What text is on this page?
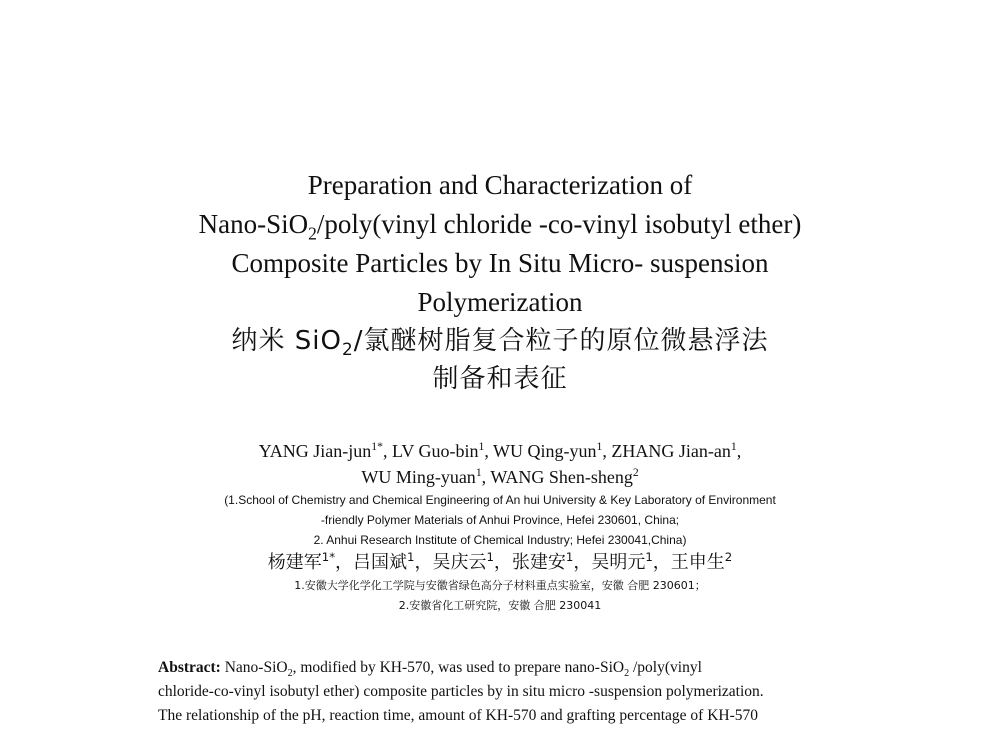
Preparation and Characterization of

Nano-SiO$_2$/poly(vinyl chloride -co-vinyl isobutyl ether)

Composite Particles by In Situ Micro- suspension

Polymerization

纳米 SiO$_2$/氯醚树脂复合粒子的原位微悬浮法

制备和表征

YANG Jian-jun$^{1*}$, LV Guo-bin$^1$, WU Qing-yun$^1$, ZHANG Jian-$an^1$,

WU Ming-yuan$^1$, WANG Shen-sheng$^2$

(1.School of Chemistry and Chemical Engineering of An hui University & Key Laboratory of Environment

-friendly Polymer Materials of Anhui Province, Hefei 230601, China;

2. Anhui Research Institute of Chemical Industry; Hefei 230041,China)

杨建军$^{1*}$，吕国斌$^1$，吴庆云$^1$，张建安$^1$，吴明元$^1$，王申生$^2$

1.安徽大学化学化工学院与安徽省绿色高分子材料重点实验室，安徽 合肥 230601；

2.安徽省化工研究院，安徽 合肥 230041

Abstract: Nano-SiO$_2$, modified by KH-570, was used to prepare nano-SiO$_2$ /poly(vinyl

chloride-co-vinyl isobutyl ether) composite particles by in situ micro -suspension polymerization.

The relationship of the pH, reaction time, amount of KH-570 and grafting percentage of KH-570
